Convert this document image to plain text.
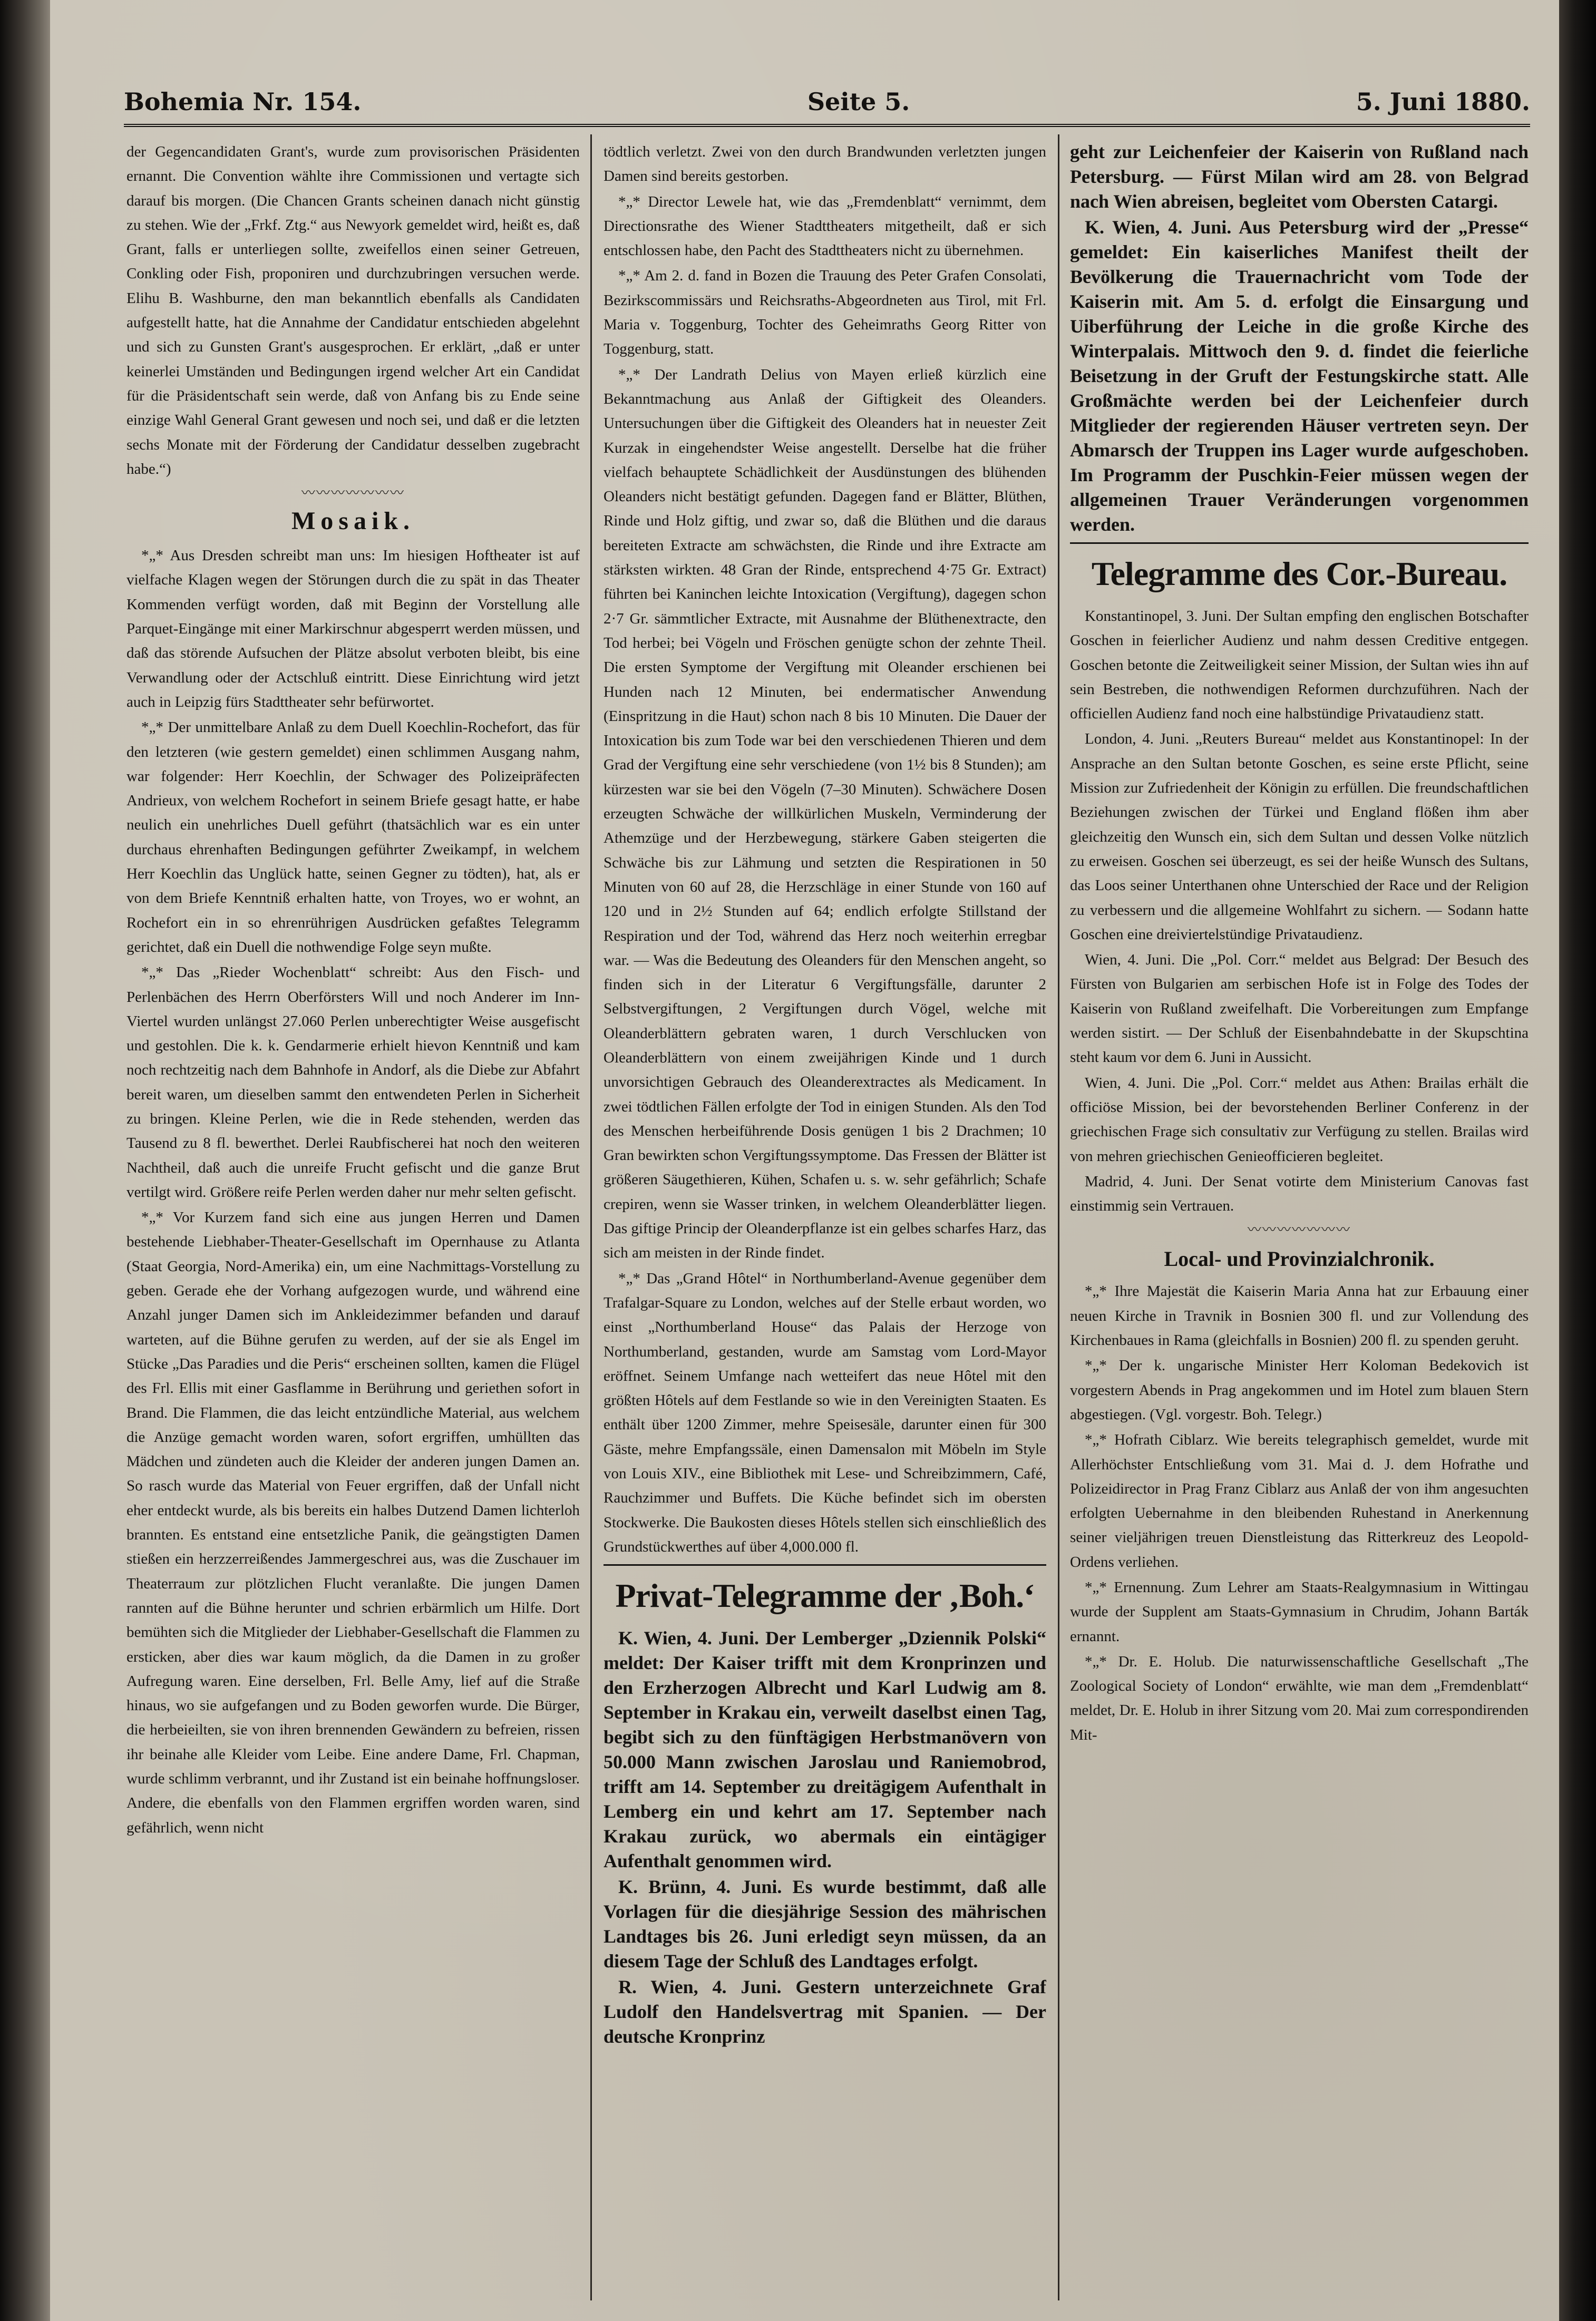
Bohemia Nr. 154.	Seite 5.	5. Juni 1880.

der Gegencandidaten Grant's, wurde zum provisorischen Präsidenten ernannt. Die Convention wählte ihre Commissionen und vertagte sich darauf bis morgen. (Die Chancen Grants scheinen danach nicht günstig zu stehen. Wie der „Frkf. Ztg.“ aus Newyork gemeldet wird, heißt es, daß Grant, falls er unterliegen sollte, zweifellos einen seiner Getreuen, Conkling oder Fish, proponiren und durchzubringen versuchen werde. Elihu B. Washburne, den man bekanntlich ebenfalls als Candidaten aufgestellt hatte, hat die Annahme der Candidatur entschieden abgelehnt und sich zu Gunsten Grant's ausgesprochen. Er erklärt, „daß er unter keinerlei Umständen und Bedingungen irgend welcher Art ein Candidat für die Präsidentschaft sein werde, daß von Anfang bis zu Ende seine einzige Wahl General Grant gewesen und noch sei, und daß er die letzten sechs Monate mit der Förderung der Candidatur desselben zugebracht habe.“)

〰〰〰〰〰〰〰
Mosaik.

*„* Aus Dresden schreibt man uns: Im hiesigen Hoftheater ist auf vielfache Klagen wegen der Störungen durch die zu spät in das Theater Kommenden verfügt worden, daß mit Beginn der Vorstellung alle Parquet-Eingänge mit einer Markirschnur abgesperrt werden müssen, und daß das störende Aufsuchen der Plätze absolut verboten bleibt, bis eine Verwandlung oder der Actschluß eintritt. Diese Einrichtung wird jetzt auch in Leipzig fürs Stadttheater sehr befürwortet.

*„* Der unmittelbare Anlaß zu dem Duell Koechlin-Rochefort, das für den letzteren (wie gestern gemeldet) einen schlimmen Ausgang nahm, war folgender: Herr Koechlin, der Schwager des Polizeipräfecten Andrieux, von welchem Rochefort in seinem Briefe gesagt hatte, er habe neulich ein unehrliches Duell geführt (thatsächlich war es ein unter durchaus ehrenhaften Bedingungen geführter Zweikampf, in welchem Herr Koechlin das Unglück hatte, seinen Gegner zu tödten), hat, als er von dem Briefe Kenntniß erhalten hatte, von Troyes, wo er wohnt, an Rochefort ein in so ehrenrührigen Ausdrücken gefaßtes Telegramm gerichtet, daß ein Duell die nothwendige Folge seyn mußte.

*„* Das „Rieder Wochenblatt“ schreibt: Aus den Fisch- und Perlenbächen des Herrn Oberförsters Will und noch Anderer im Inn-Viertel wurden unlängst 27.060 Perlen unberechtigter Weise ausgefischt und gestohlen. Die k. k. Gendarmerie erhielt hievon Kenntniß und kam noch rechtzeitig nach dem Bahnhofe in Andorf, als die Diebe zur Abfahrt bereit waren, um dieselben sammt den entwendeten Perlen in Sicherheit zu bringen. Kleine Perlen, wie die in Rede stehenden, werden das Tausend zu 8 fl. bewerthet. Derlei Raubfischerei hat noch den weiteren Nachtheil, daß auch die unreife Frucht gefischt und die ganze Brut vertilgt wird. Größere reife Perlen werden daher nur mehr selten gefischt.

*„* Vor Kurzem fand sich eine aus jungen Herren und Damen bestehende Liebhaber-Theater-Gesellschaft im Opernhause zu Atlanta (Staat Georgia, Nord-Amerika) ein, um eine Nachmittags-Vorstellung zu geben. Gerade ehe der Vorhang aufgezogen wurde, und während eine Anzahl junger Damen sich im Ankleidezimmer befanden und darauf warteten, auf die Bühne gerufen zu werden, auf der sie als Engel im Stücke „Das Paradies und die Peris“ erscheinen sollten, kamen die Flügel des Frl. Ellis mit einer Gasflamme in Berührung und geriethen sofort in Brand. Die Flammen, die das leicht entzündliche Material, aus welchem die Anzüge gemacht worden waren, sofort ergriffen, umhüllten das Mädchen und zündeten auch die Kleider der anderen jungen Damen an. So rasch wurde das Material von Feuer ergriffen, daß der Unfall nicht eher entdeckt wurde, als bis bereits ein halbes Dutzend Damen lichterloh brannten. Es entstand eine entsetzliche Panik, die geängstigten Damen stießen ein herzzerreißendes Jammergeschrei aus, was die Zuschauer im Theaterraum zur plötzlichen Flucht veranlaßte. Die jungen Damen rannten auf die Bühne herunter und schrien erbärmlich um Hilfe. Dort bemühten sich die Mitglieder der Liebhaber-Gesellschaft die Flammen zu ersticken, aber dies war kaum möglich, da die Damen in zu großer Aufregung waren. Eine derselben, Frl. Belle Amy, lief auf die Straße hinaus, wo sie aufgefangen und zu Boden geworfen wurde. Die Bürger, die herbeieilten, sie von ihren brennenden Gewändern zu befreien, rissen ihr beinahe alle Kleider vom Leibe. Eine andere Dame, Frl. Chapman, wurde schlimm verbrannt, und ihr Zustand ist ein beinahe hoffnungsloser. Andere, die ebenfalls von den Flammen ergriffen worden waren, sind gefährlich, wenn nicht

tödtlich verletzt. Zwei von den durch Brandwunden verletzten jungen Damen sind bereits gestorben.

*„* Director Lewele hat, wie das „Fremdenblatt“ vernimmt, dem Directionsrathe des Wiener Stadttheaters mitgetheilt, daß er sich entschlossen habe, den Pacht des Stadttheaters nicht zu übernehmen.

*„* Am 2. d. fand in Bozen die Trauung des Peter Grafen Consolati, Bezirkscommissärs und Reichsraths-Abgeordneten aus Tirol, mit Frl. Maria v. Toggenburg, Tochter des Geheimraths Georg Ritter von Toggenburg, statt.

*„* Der Landrath Delius von Mayen erließ kürzlich eine Bekanntmachung aus Anlaß der Giftigkeit des Oleanders. Untersuchungen über die Giftigkeit des Oleanders hat in neuester Zeit Kurzak in eingehendster Weise angestellt. Derselbe hat die früher vielfach behauptete Schädlichkeit der Ausdünstungen des blühenden Oleanders nicht bestätigt gefunden. Dagegen fand er Blätter, Blüthen, Rinde und Holz giftig, und zwar so, daß die Blüthen und die daraus bereiteten Extracte am schwächsten, die Rinde und ihre Extracte am stärksten wirkten. 48 Gran der Rinde, entsprechend 4·75 Gr. Extract) führten bei Kaninchen leichte Intoxication (Vergiftung), dagegen schon 2·7 Gr. sämmtlicher Extracte, mit Ausnahme der Blüthenextracte, den Tod herbei; bei Vögeln und Fröschen genügte schon der zehnte Theil. Die ersten Symptome der Vergiftung mit Oleander erschienen bei Hunden nach 12 Minuten, bei endermatischer Anwendung (Einspritzung in die Haut) schon nach 8 bis 10 Minuten. Die Dauer der Intoxication bis zum Tode war bei den verschiedenen Thieren und dem Grad der Vergiftung eine sehr verschiedene (von 1½ bis 8 Stunden); am kürzesten war sie bei den Vögeln (7–30 Minuten). Schwächere Dosen erzeugten Schwäche der willkürlichen Muskeln, Verminderung der Athemzüge und der Herzbewegung, stärkere Gaben steigerten die Schwäche bis zur Lähmung und setzten die Respirationen in 50 Minuten von 60 auf 28, die Herzschläge in einer Stunde von 160 auf 120 und in 2½ Stunden auf 64; endlich erfolgte Stillstand der Respiration und der Tod, während das Herz noch weiterhin erregbar war. — Was die Bedeutung des Oleanders für den Menschen angeht, so finden sich in der Literatur 6 Vergiftungsfälle, darunter 2 Selbstvergiftungen, 2 Vergiftungen durch Vögel, welche mit Oleanderblättern gebraten waren, 1 durch Verschlucken von Oleanderblättern von einem zweijährigen Kinde und 1 durch unvorsichtigen Gebrauch des Oleanderextractes als Medicament. In zwei tödtlichen Fällen erfolgte der Tod in einigen Stunden. Als den Tod des Menschen herbeiführende Dosis genügen 1 bis 2 Drachmen; 10 Gran bewirkten schon Vergiftungssymptome. Das Fressen der Blätter ist größeren Säugethieren, Kühen, Schafen u. s. w. sehr gefährlich; Schafe crepiren, wenn sie Wasser trinken, in welchem Oleanderblätter liegen. Das giftige Princip der Oleanderpflanze ist ein gelbes scharfes Harz, das sich am meisten in der Rinde findet.

*„* Das „Grand Hôtel“ in Northumberland-Avenue gegenüber dem Trafalgar-Square zu London, welches auf der Stelle erbaut worden, wo einst „Northumberland House“ das Palais der Herzoge von Northumberland, gestanden, wurde am Samstag vom Lord-Mayor eröffnet. Seinem Umfange nach wetteifert das neue Hôtel mit den größten Hôtels auf dem Festlande so wie in den Vereinigten Staaten. Es enthält über 1200 Zimmer, mehre Speisesäle, darunter einen für 300 Gäste, mehre Empfangssäle, einen Damensalon mit Möbeln im Style von Louis XIV., eine Bibliothek mit Lese- und Schreibzimmern, Café, Rauchzimmer und Buffets. Die Küche befindet sich im obersten Stockwerke. Die Baukosten dieses Hôtels stellen sich einschließlich des Grundstückwerthes auf über 4,000.000 fl.

Privat-Telegramme der ‚Boh.‘

K. Wien, 4. Juni. Der Lemberger „Dziennik Polski“ meldet: Der Kaiser trifft mit dem Kronprinzen und den Erzherzogen Albrecht und Karl Ludwig am 8. September in Krakau ein, verweilt daselbst einen Tag, begibt sich zu den fünftägigen Herbstmanövern von 50.000 Mann zwischen Jaroslau und Raniemobrod, trifft am 14. September zu dreitägigem Aufenthalt in Lemberg ein und kehrt am 17. September nach Krakau zurück, wo abermals ein eintägiger Aufenthalt genommen wird.

K. Brünn, 4. Juni. Es wurde bestimmt, daß alle Vorlagen für die diesjährige Session des mährischen Landtages bis 26. Juni erledigt seyn müssen, da an diesem Tage der Schluß des Landtages erfolgt.

R. Wien, 4. Juni. Gestern unterzeichnete Graf Ludolf den Handelsvertrag mit Spanien. — Der deutsche Kronprinz

geht zur Leichenfeier der Kaiserin von Rußland nach Petersburg. — Fürst Milan wird am 28. von Belgrad nach Wien abreisen, begleitet vom Obersten Catargi.

K. Wien, 4. Juni. Aus Petersburg wird der „Presse“ gemeldet: Ein kaiserliches Manifest theilt der Bevölkerung die Trauernachricht vom Tode der Kaiserin mit. Am 5. d. erfolgt die Einsargung und Uiberführung der Leiche in die große Kirche des Winterpalais. Mittwoch den 9. d. findet die feierliche Beisetzung in der Gruft der Festungskirche statt. Alle Großmächte werden bei der Leichenfeier durch Mitglieder der regierenden Häuser vertreten seyn. Der Abmarsch der Truppen ins Lager wurde aufgeschoben. Im Programm der Puschkin-Feier müssen wegen der allgemeinen Trauer Veränderungen vorgenommen werden.

Telegramme des Cor.-Bureau.

Konstantinopel, 3. Juni. Der Sultan empfing den englischen Botschafter Goschen in feierlicher Audienz und nahm dessen Creditive entgegen. Goschen betonte die Zeitweiligkeit seiner Mission, der Sultan wies ihn auf sein Bestreben, die nothwendigen Reformen durchzuführen. Nach der officiellen Audienz fand noch eine halbstündige Privataudienz statt.

London, 4. Juni. „Reuters Bureau“ meldet aus Konstantinopel: In der Ansprache an den Sultan betonte Goschen, es seine erste Pflicht, seine Mission zur Zufriedenheit der Königin zu erfüllen. Die freundschaftlichen Beziehungen zwischen der Türkei und England flößen ihm aber gleichzeitig den Wunsch ein, sich dem Sultan und dessen Volke nützlich zu erweisen. Goschen sei überzeugt, es sei der heiße Wunsch des Sultans, das Loos seiner Unterthanen ohne Unterschied der Race und der Religion zu verbessern und die allgemeine Wohlfahrt zu sichern. — Sodann hatte Goschen eine dreiviertelstündige Privataudienz.

Wien, 4. Juni. Die „Pol. Corr.“ meldet aus Belgrad: Der Besuch des Fürsten von Bulgarien am serbischen Hofe ist in Folge des Todes der Kaiserin von Rußland zweifelhaft. Die Vorbereitungen zum Empfange werden sistirt. — Der Schluß der Eisenbahndebatte in der Skupschtina steht kaum vor dem 6. Juni in Aussicht.

Wien, 4. Juni. Die „Pol. Corr.“ meldet aus Athen: Brailas erhält die officiöse Mission, bei der bevorstehenden Berliner Conferenz in der griechischen Frage sich consultativ zur Verfügung zu stellen. Brailas wird von mehren griechischen Genieofficieren begleitet.

Madrid, 4. Juni. Der Senat votirte dem Ministerium Canovas fast einstimmig sein Vertrauen.

〰〰〰〰〰〰〰
Local- und Provinzialchronik.

*„* Ihre Majestät die Kaiserin Maria Anna hat zur Erbauung einer neuen Kirche in Travnik in Bosnien 300 fl. und zur Vollendung des Kirchenbaues in Rama (gleichfalls in Bosnien) 200 fl. zu spenden geruht.

*„* Der k. ungarische Minister Herr Koloman Bedekovich ist vorgestern Abends in Prag angekommen und im Hotel zum blauen Stern abgestiegen. (Vgl. vorgestr. Boh. Telegr.)

*„* Hofrath Ciblarz. Wie bereits telegraphisch gemeldet, wurde mit Allerhöchster Entschließung vom 31. Mai d. J. dem Hofrathe und Polizeidirector in Prag Franz Ciblarz aus Anlaß der von ihm angesuchten erfolgten Uebernahme in den bleibenden Ruhestand in Anerkennung seiner vieljährigen treuen Dienstleistung das Ritterkreuz des Leopold-Ordens verliehen.

*„* Ernennung. Zum Lehrer am Staats-Realgymnasium in Wittingau wurde der Supplent am Staats-Gymnasium in Chrudim, Johann Barták ernannt.

*„* Dr. E. Holub. Die naturwissenschaftliche Gesellschaft „The Zoological Society of London“ erwählte, wie man dem „Fremdenblatt“ meldet, Dr. E. Holub in ihrer Sitzung vom 20. Mai zum correspondirenden Mit-
